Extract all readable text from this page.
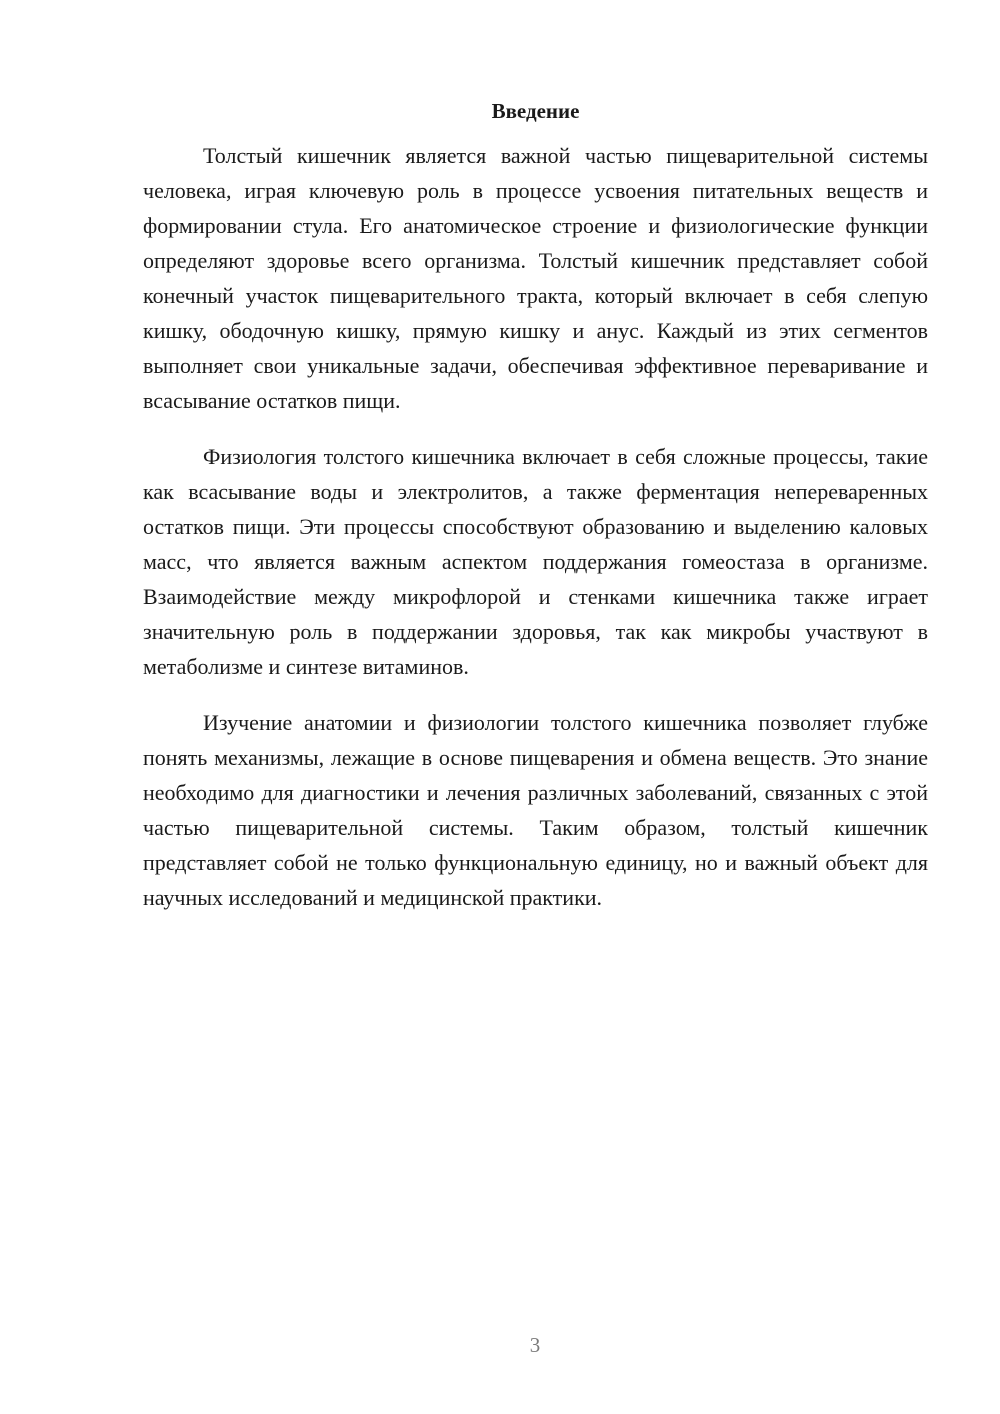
Введение

Толстый кишечник является важной частью пищеварительной системы человека, играя ключевую роль в процессе усвоения питательных веществ и формировании стула. Его анатомическое строение и физиологические функции определяют здоровье всего организма. Толстый кишечник представляет собой конечный участок пищеварительного тракта, который включает в себя слепую кишку, ободочную кишку, прямую кишку и анус. Каждый из этих сегментов выполняет свои уникальные задачи, обеспечивая эффективное переваривание и всасывание остатков пищи.

Физиология толстого кишечника включает в себя сложные процессы, такие как всасывание воды и электролитов, а также ферментация непереваренных остатков пищи. Эти процессы способствуют образованию и выделению каловых масс, что является важным аспектом поддержания гомеостаза в организме. Взаимодействие между микрофлорой и стенками кишечника также играет значительную роль в поддержании здоровья, так как микробы участвуют в метаболизме и синтезе витаминов.

Изучение анатомии и физиологии толстого кишечника позволяет глубже понять механизмы, лежащие в основе пищеварения и обмена веществ. Это знание необходимо для диагностики и лечения различных заболеваний, связанных с этой частью пищеварительной системы. Таким образом, толстый кишечник представляет собой не только функциональную единицу, но и важный объект для научных исследований и медицинской практики.

3
